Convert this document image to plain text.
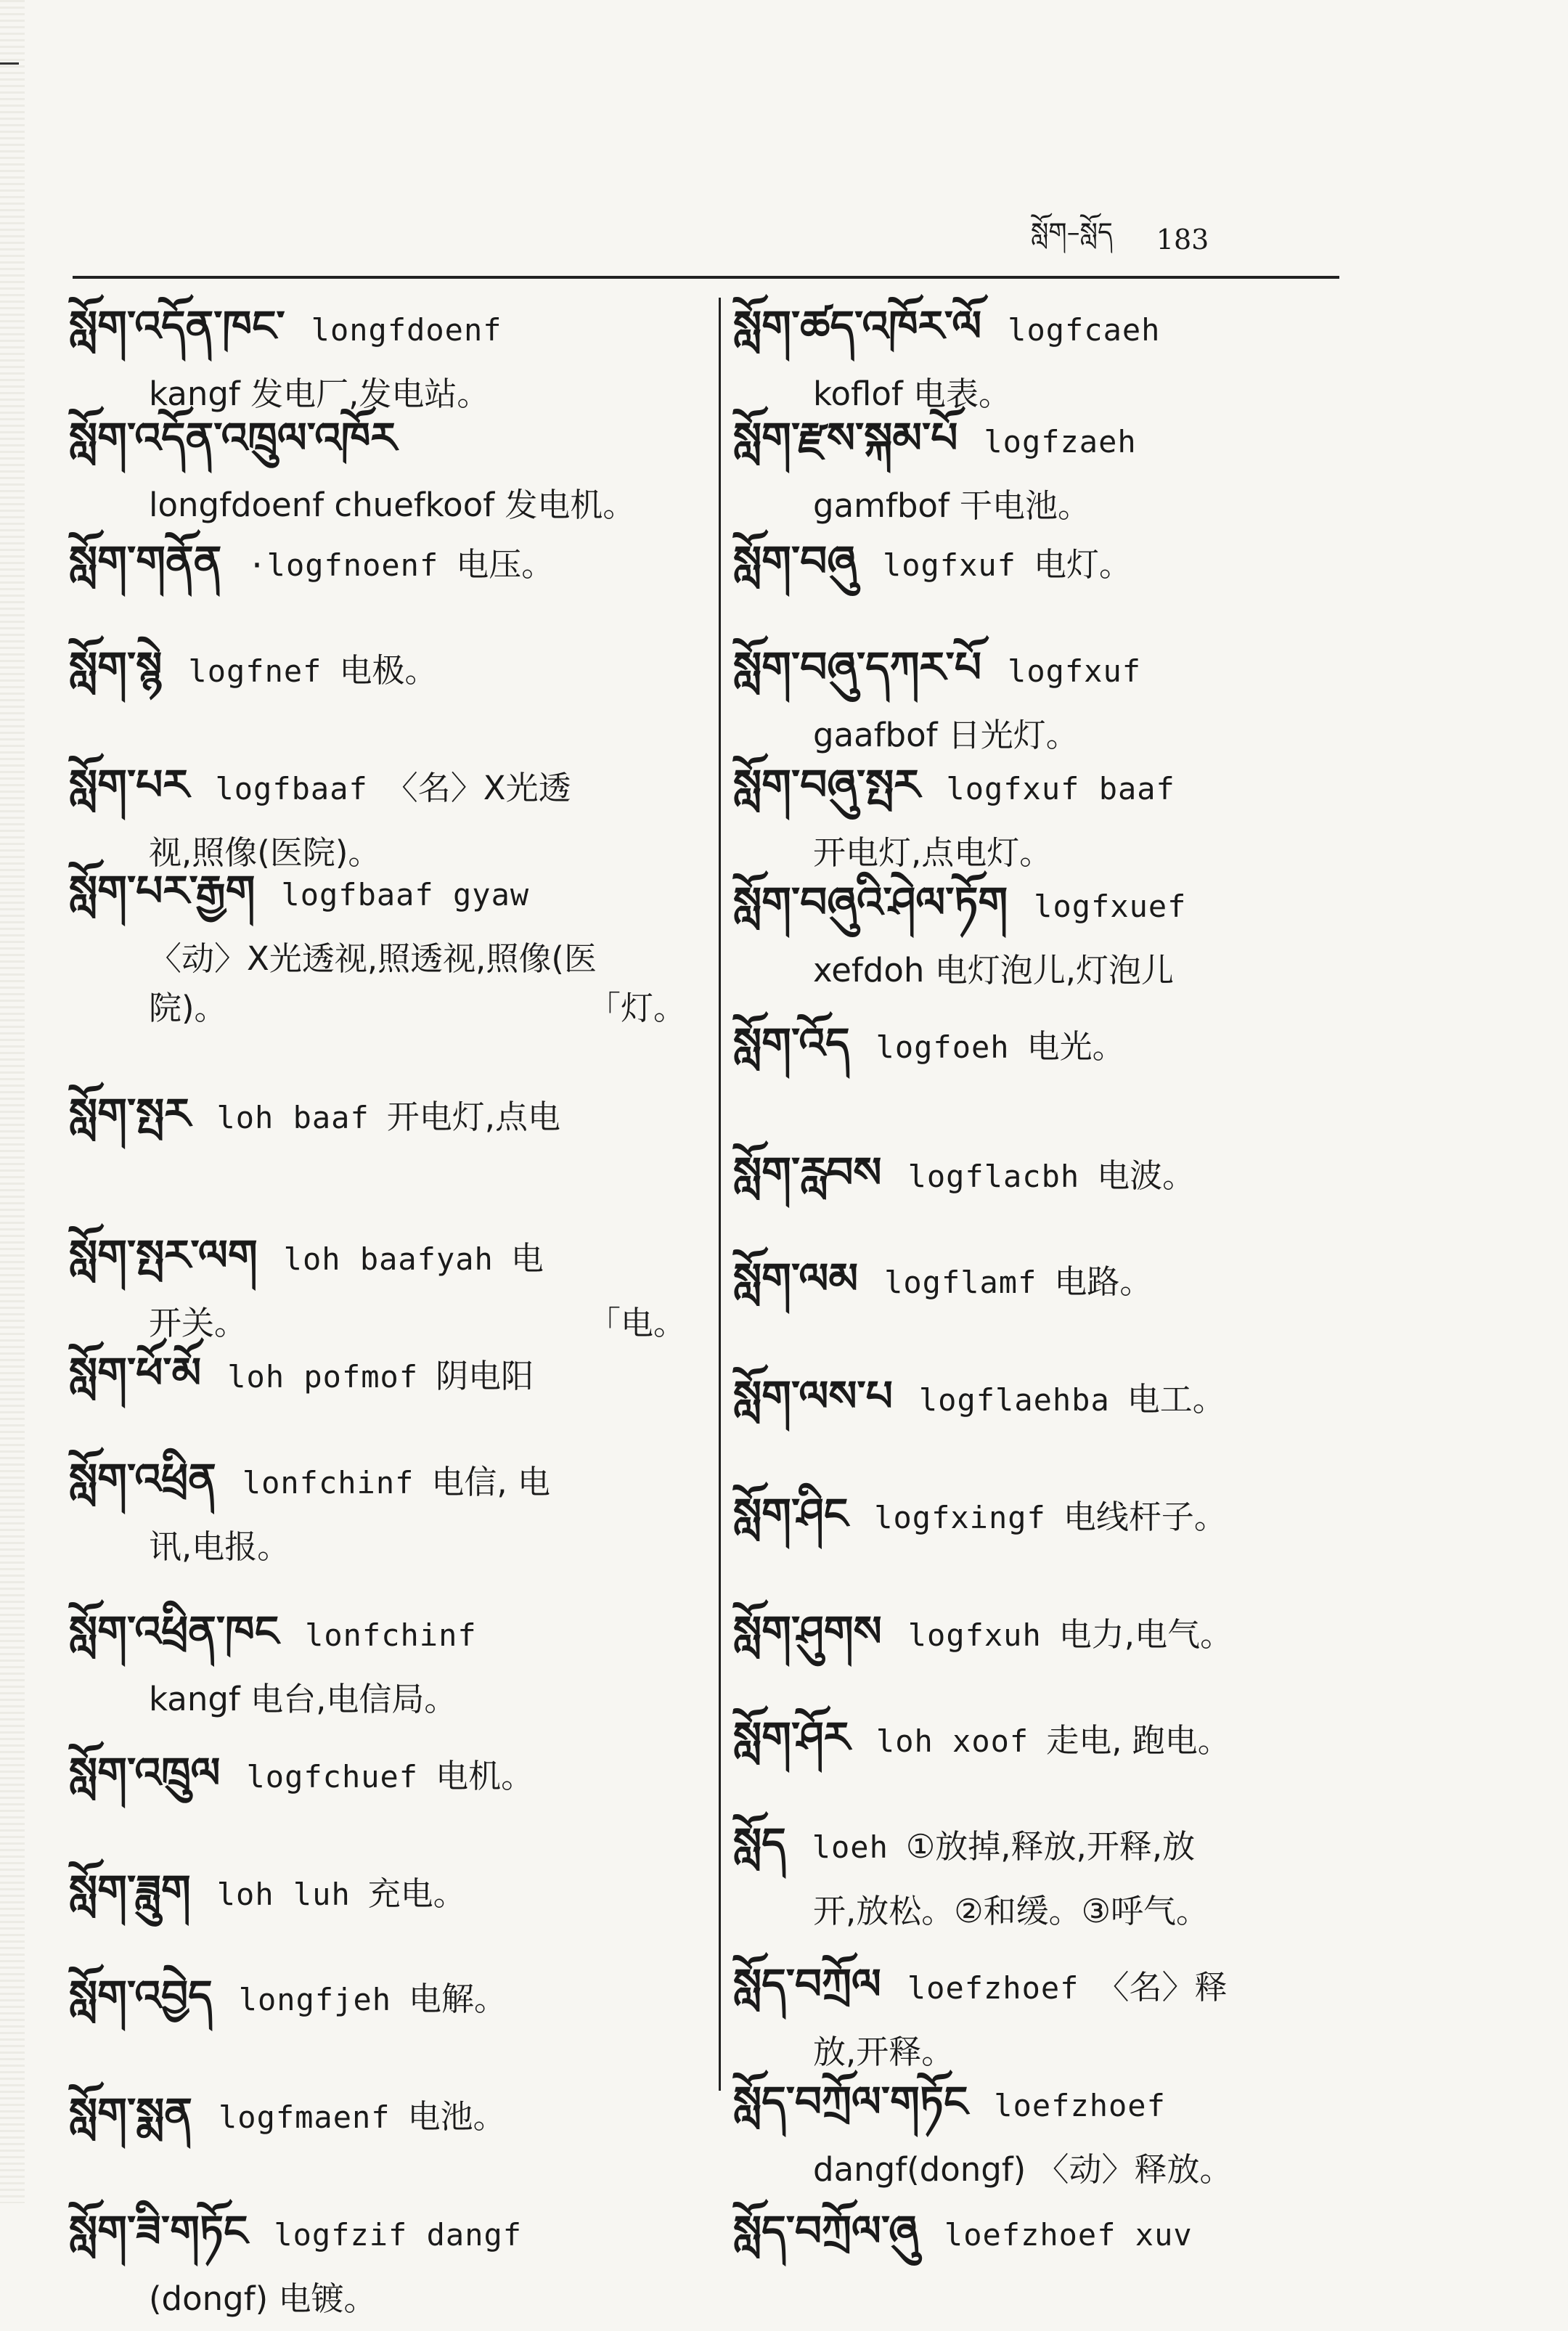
སློག–སློད 183

སློག་འདོན་ཁང་ longfdoenf

kangf 发电厂,发电站。

སློག་འདོན་འཁྲུལ་འཁོར

longfdoenf chuefkoof 发电机。

སློག་གནོན ·logfnoenf 电压。

སློག་སྙེ logfnef 电极。

སློག་པར logfbaaf 〈名〉X光透

视,照像(医院)。

སློག་པར་རྒྱག logfbaaf gyaw

〈动〉X光透视,照透视,照像(医

院)。	「灯。

སློག་སྤར loh baaf 开电灯,点电

སློག་སྤར་ལག loh baafyah 电

开关。	「电。

སློག་ཕོ་མོ loh pofmof 阴电阳

སློག་འཕྲིན lonfchinf 电信, 电

讯,电报。

སློག་འཕྲིན་ཁང lonfchinf

kangf 电台,电信局。

སློག་འཁྲུལ logfchuef 电机。

སློག་ཟླུག loh luh 充电。

སློག་འབྱེད longfjeh 电解。

སློག་སྨན logfmaenf 电池。

སློག་ཟི་གཏོང logfzif dangf

(dongf) 电镀。

སློག་ཚད་འཁོར་ལོ logfcaeh

koflof 电表。

སློག་རྫས་སྐམ་པོ logfzaeh

gamfbof 干电池。

སློག་བཞུ logfxuf 电灯。

སློག་བཞུ་དཀར་པོ logfxuf

gaafbof 日光灯。

སློག་བཞུ་སྤར logfxuf baaf

开电灯,点电灯。

སློག་བཞུའི་ཤེལ་ཏོག logfxuef

xefdoh 电灯泡儿,灯泡儿

སློག་འོད logfoeh 电光。

སློག་རླབས logflacbh 电波。

སློག་ལམ logflamf 电路。

སློག་ལས་པ logflaehba 电工。

སློག་ཤིང logfxingf 电线杆子。

སློག་ཤུགས logfxuh 电力,电气。

སློག་ཤོར loh xoof 走电, 跑电。

སློད loeh ①放掉,释放,开释,放

开,放松。②和缓。③呼气。

སློད་བཀྲོལ loefzhoef 〈名〉释

放,开释。

སློད་བཀྲོལ་གཏོང loefzhoef

dangf(dongf) 〈动〉释放。

སློད་བཀྲོལ་ཞུ loefzhoef xuv
